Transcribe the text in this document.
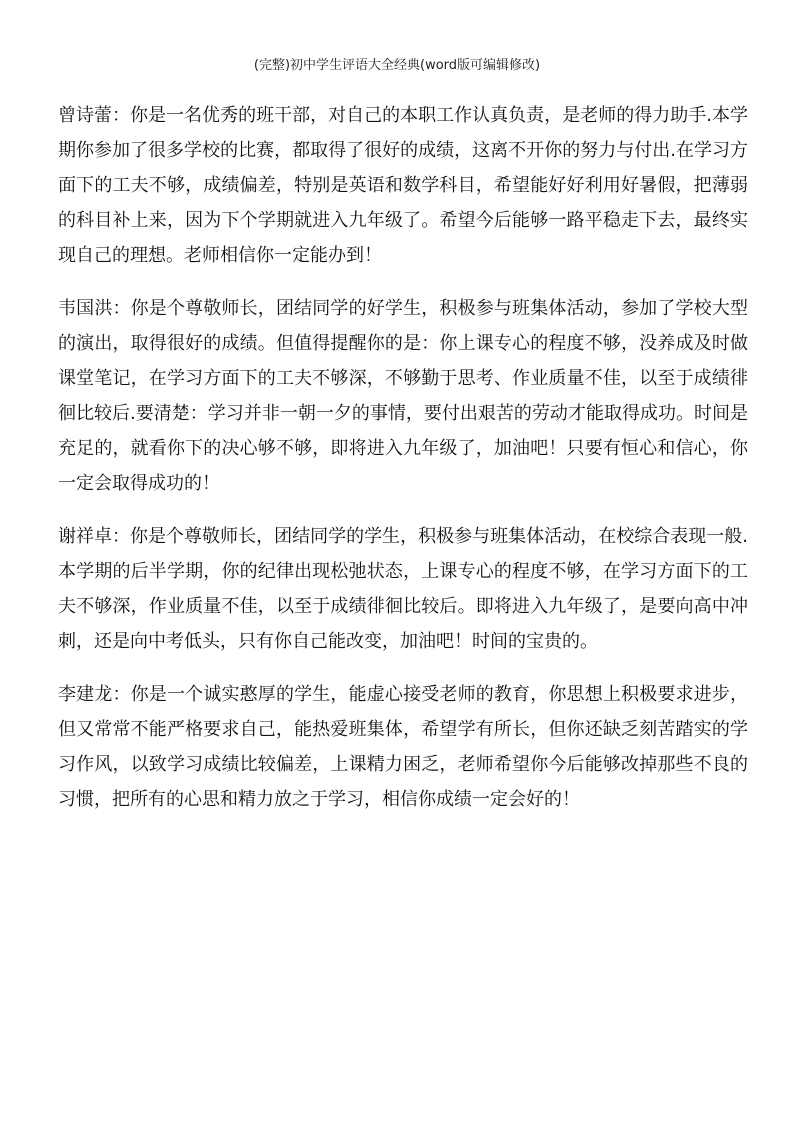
(完整)初中学生评语大全经典(word版可编辑修改)

曾诗蕾：你是一名优秀的班干部，对自己的本职工作认真负责，是老师的得力助手.本学期你参加了很多学校的比赛，都取得了很好的成绩，这离不开你的努力与付出.在学习方面下的工夫不够，成绩偏差，特别是英语和数学科目，希望能好好利用好暑假，把薄弱的科目补上来，因为下个学期就进入九年级了。希望今后能够一路平稳走下去，最终实现自己的理想。老师相信你一定能办到！

韦国洪：你是个尊敬师长，团结同学的好学生，积极参与班集体活动，参加了学校大型的演出，取得很好的成绩。但值得提醒你的是：你上课专心的程度不够，没养成及时做课堂笔记，在学习方面下的工夫不够深，不够勤于思考、作业质量不佳，以至于成绩徘徊比较后.要清楚：学习并非一朝一夕的事情，要付出艰苦的劳动才能取得成功。时间是充足的，就看你下的决心够不够，即将进入九年级了，加油吧！只要有恒心和信心，你一定会取得成功的！

谢祥卓：你是个尊敬师长，团结同学的学生，积极参与班集体活动，在校综合表现一般.本学期的后半学期，你的纪律出现松弛状态，上课专心的程度不够，在学习方面下的工夫不够深，作业质量不佳，以至于成绩徘徊比较后。即将进入九年级了，是要向高中冲刺，还是向中考低头，只有你自己能改变，加油吧！时间的宝贵的。

李建龙：你是一个诚实憨厚的学生，能虚心接受老师的教育，你思想上积极要求进步，但又常常不能严格要求自己，能热爱班集体，希望学有所长，但你还缺乏刻苦踏实的学习作风，以致学习成绩比较偏差，上课精力困乏，老师希望你今后能够改掉那些不良的习惯，把所有的心思和精力放之于学习，相信你成绩一定会好的！
